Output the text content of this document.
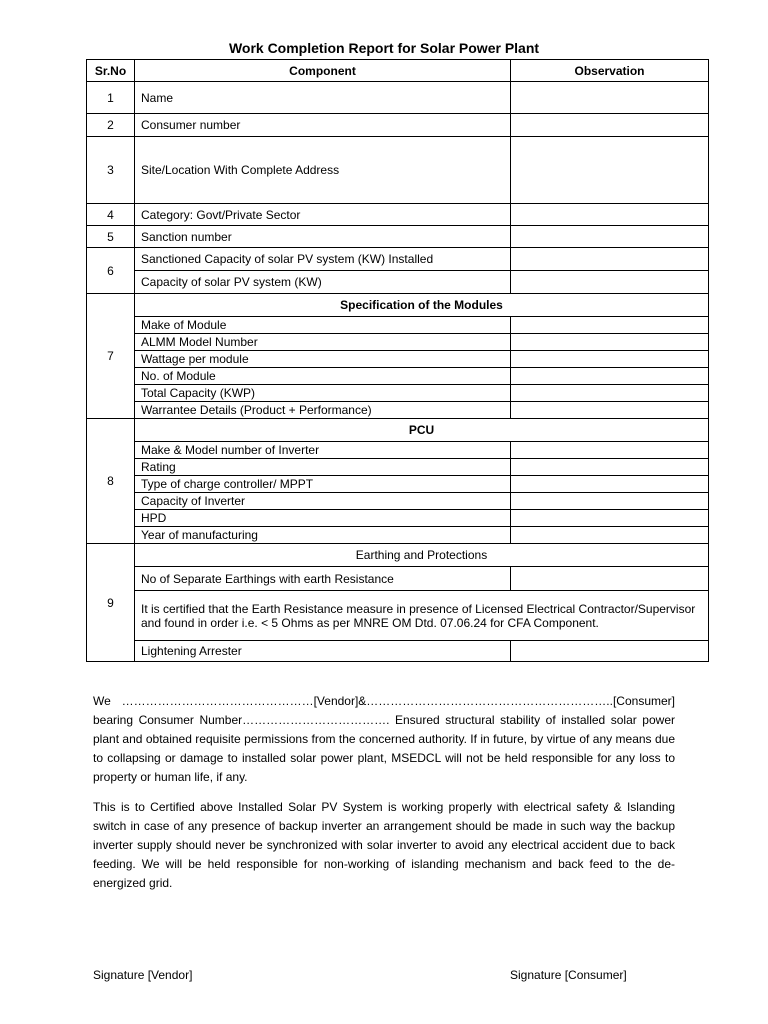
Work Completion Report for Solar Power Plant
Sr.No	Component	Observation
1	Name	
2	Consumer number	
3	Site/Location With Complete Address	
4	Category: Govt/Private Sector	
5	Sanction number	
6	Sanctioned Capacity of solar PV system (KW) Installed	
	Capacity of solar PV system (KW)	
7	Specification of the Modules	
	Make of Module	
	ALMM Model Number	
	Wattage per module	
	No. of Module	
	Total Capacity (KWP)	
	Warrantee Details (Product + Performance)	
8	PCU	
	Make & Model number of Inverter	
	Rating	
	Type of charge controller/ MPPT	
	Capacity of Inverter	
	HPD	
	Year of manufacturing	
9	Earthing and Protections	
	No of Separate Earthings with earth Resistance	
	It is certified that the Earth Resistance measure in presence of Licensed Electrical Contractor/Supervisor and found in order i.e. < 5 Ohms as per MNRE OM Dtd. 07.06.24 for CFA Component.	
	Lightening Arrester	
We …………………………………………[Vendor]&……………………………………………………..[Consumer] bearing Consumer Number………………………………. Ensured structural stability of installed solar power plant and obtained requisite permissions from the concerned authority. If in future, by virtue of any means due to collapsing or damage to installed solar power plant, MSEDCL will not be held responsible for any loss to property or human life, if any.
This is to Certified above Installed Solar PV System is working properly with electrical safety & Islanding switch in case of any presence of backup inverter an arrangement should be made in such way the backup inverter supply should never be synchronized with solar inverter to avoid any electrical accident due to back feeding. We will be held responsible for non-working of islanding mechanism and back feed to the de-energized grid.
Signature [Vendor]	Signature [Consumer]
